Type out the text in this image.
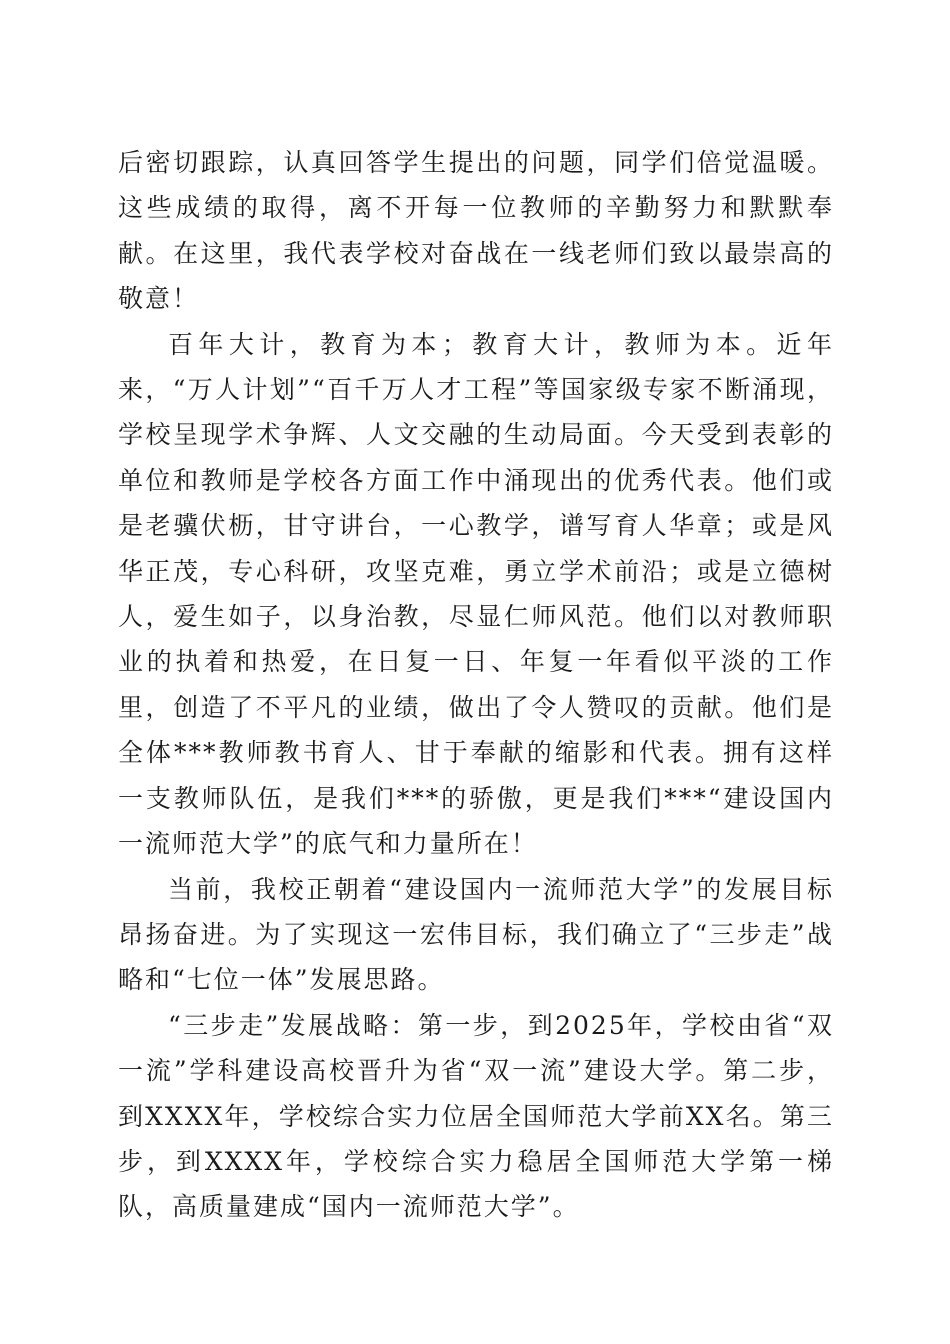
后密切跟踪，认真回答学生提出的问题，同学们倍觉温暖。这些成绩的取得，离不开每一位教师的辛勤努力和默默奉献。在这里，我代表学校对奋战在一线老师们致以最崇高的敬意！

百年大计，教育为本；教育大计，教师为本。近年来，“万人计划”“百千万人才工程”等国家级专家不断涌现，学校呈现学术争辉、人文交融的生动局面。今天受到表彰的单位和教师是学校各方面工作中涌现出的优秀代表。他们或是老骥伏枥，甘守讲台，一心教学，谱写育人华章；或是风华正茂，专心科研，攻坚克难，勇立学术前沿；或是立德树人，爱生如子，以身治教，尽显仁师风范。他们以对教师职业的执着和热爱，在日复一日、年复一年看似平淡的工作里，创造了不平凡的业绩，做出了令人赞叹的贡献。他们是全体***教师教书育人、甘于奉献的缩影和代表。拥有这样一支教师队伍，是我们***的骄傲，更是我们***“建设国内一流师范大学”的底气和力量所在！

当前，我校正朝着“建设国内一流师范大学”的发展目标昂扬奋进。为了实现这一宏伟目标，我们确立了“三步走”战略和“七位一体”发展思路。

“三步走”发展战略：第一步，到2025年，学校由省“双一流”学科建设高校晋升为省“双一流”建设大学。第二步，到XXXX年，学校综合实力位居全国师范大学前XX名。第三步，到XXXX年，学校综合实力稳居全国师范大学第一梯队，高质量建成“国内一流师范大学”。
